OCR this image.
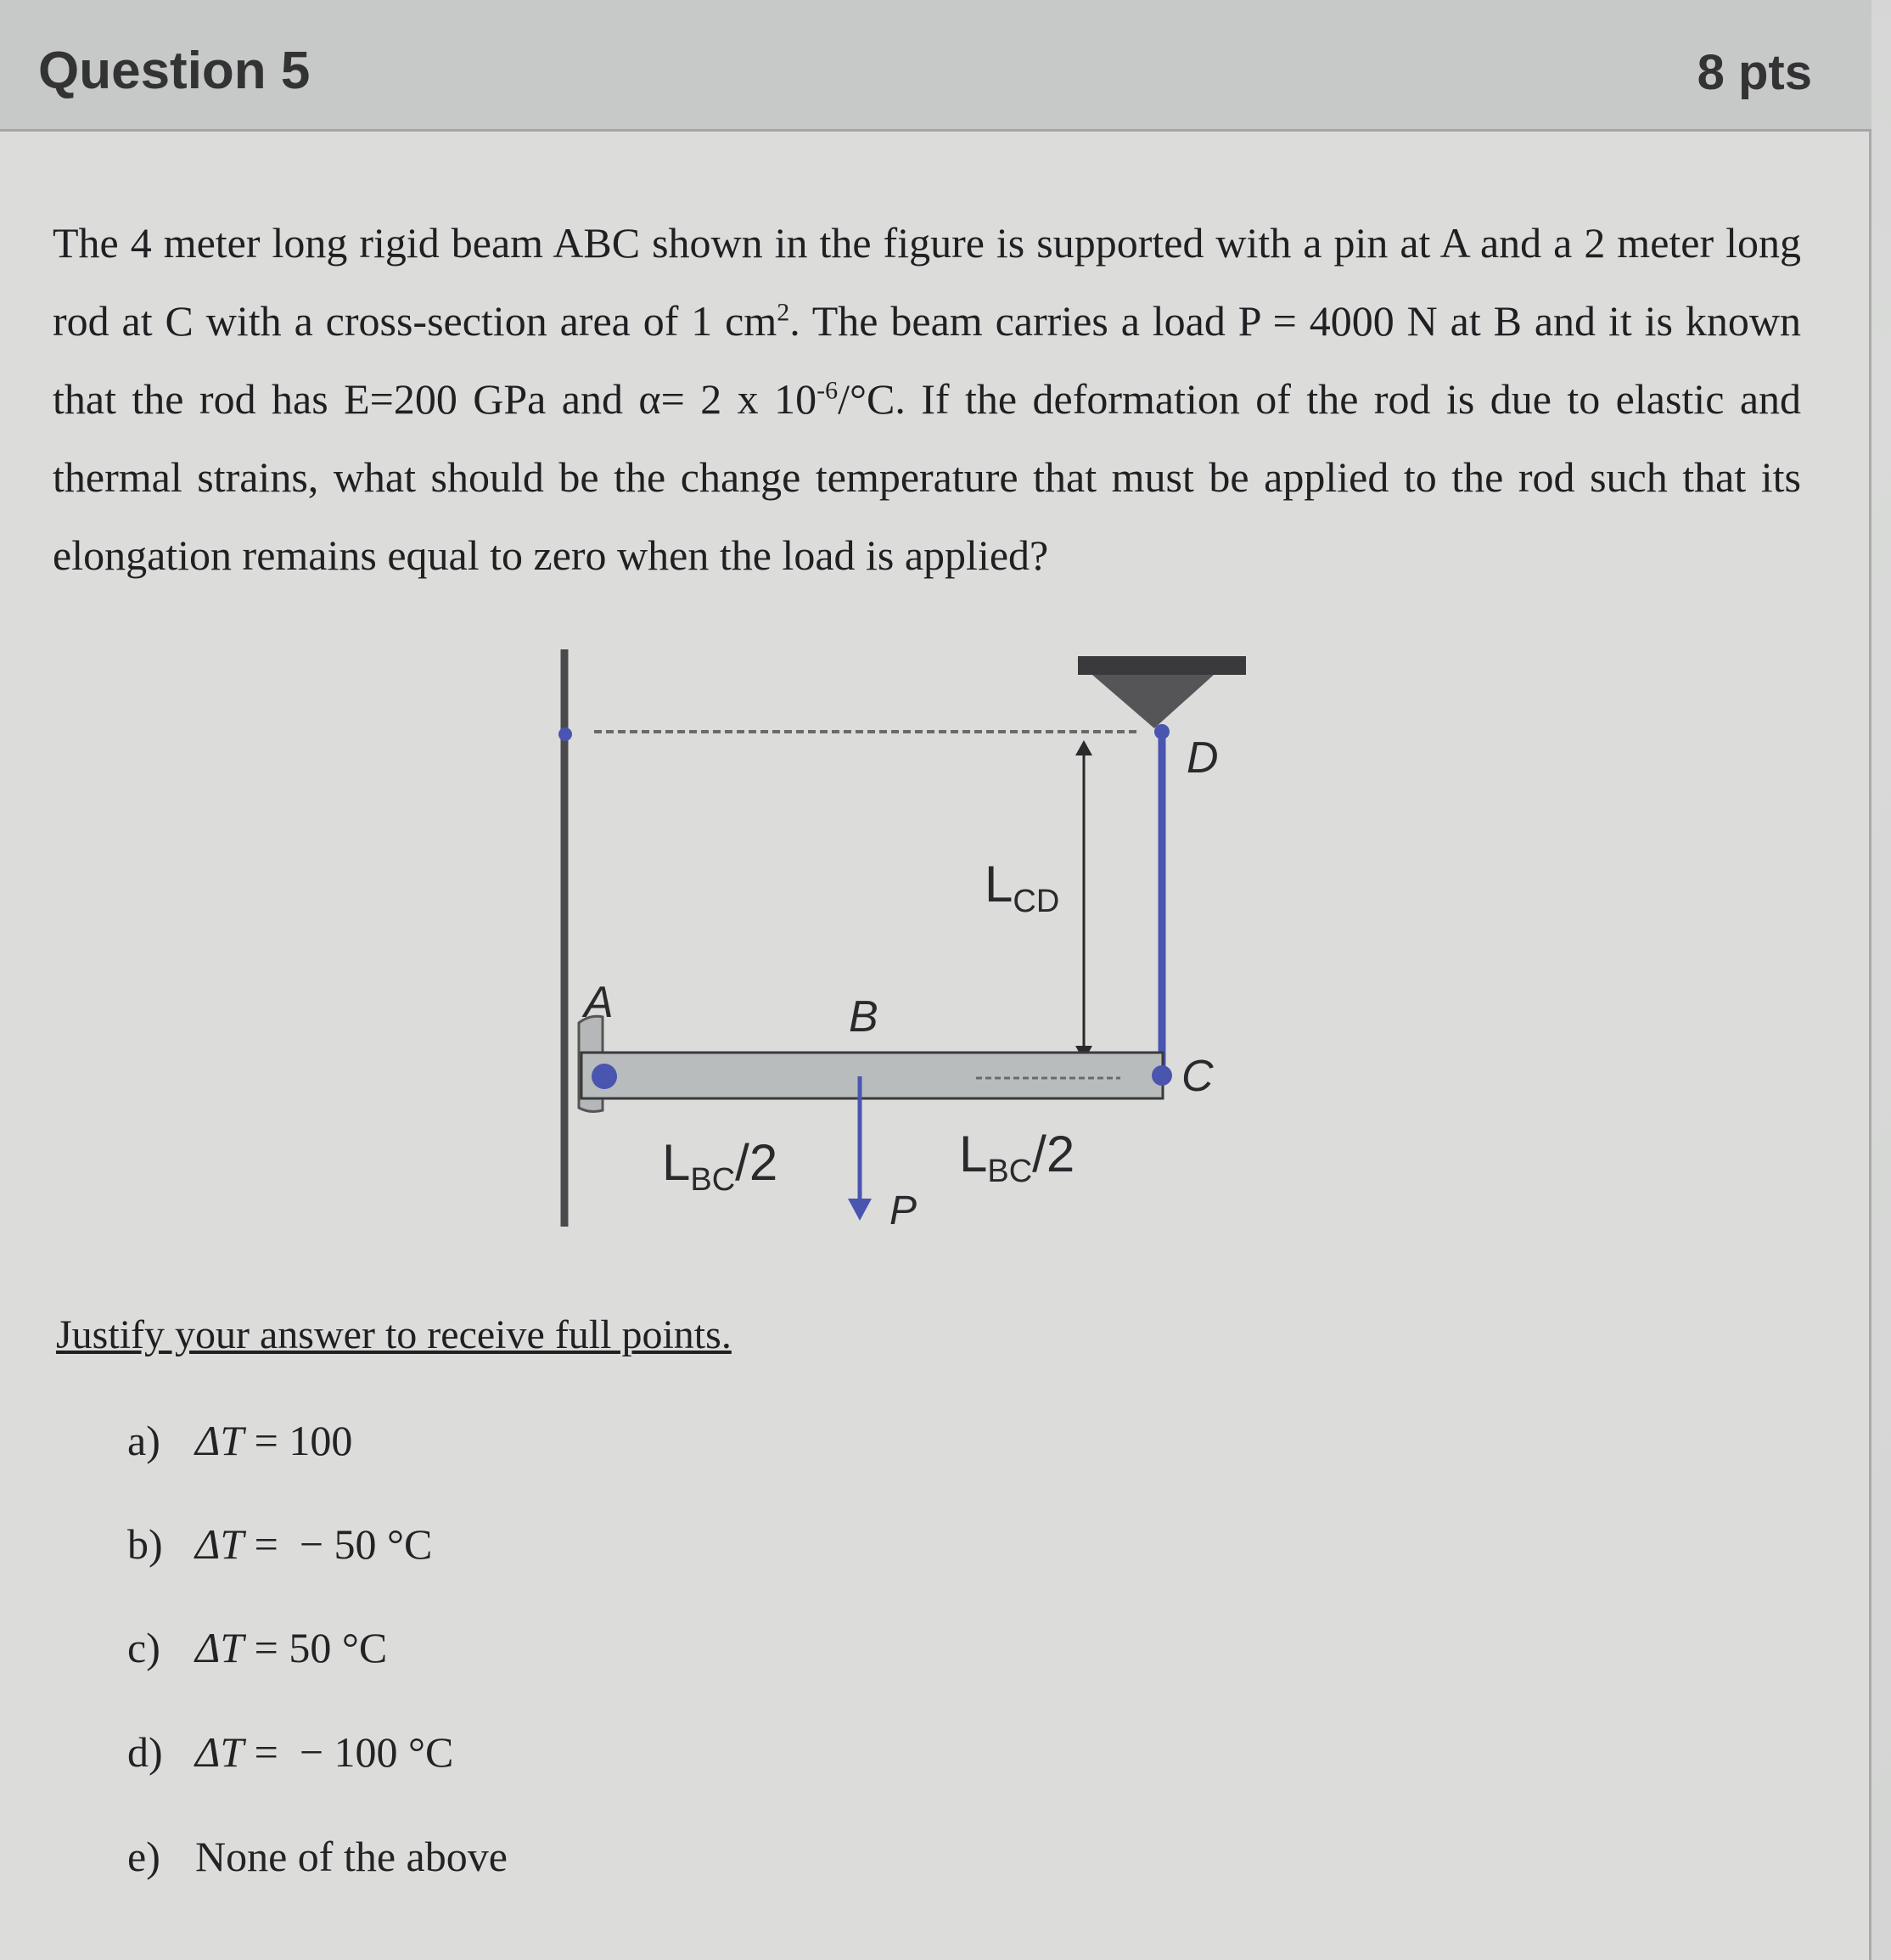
Question 5	8 pts
The 4 meter long rigid beam ABC shown in the figure is supported with a pin at A and a 2 meter long rod at C with a cross-section area of 1 $cm^2$. The beam carries a load P = 4000 N at B and it is known that the rod has E=200 GPa and α= 2 x $10^{-6}/^\circ C$. If the deformation of the rod is due to elastic and thermal strains, what should be the change temperature that must be applied to the rod such that its elongation remains equal to zero when the load is applied?
A	B
C
D
P
$L_{CD}$
$L_{BC}/2$	$L_{BC}/2$
Justify your answer to receive full points.
a) ΔT = 100
b) ΔT =  − 50 °C
c) ΔT = 50 °C
d) ΔT =  − 100 °C
e) None of the above
